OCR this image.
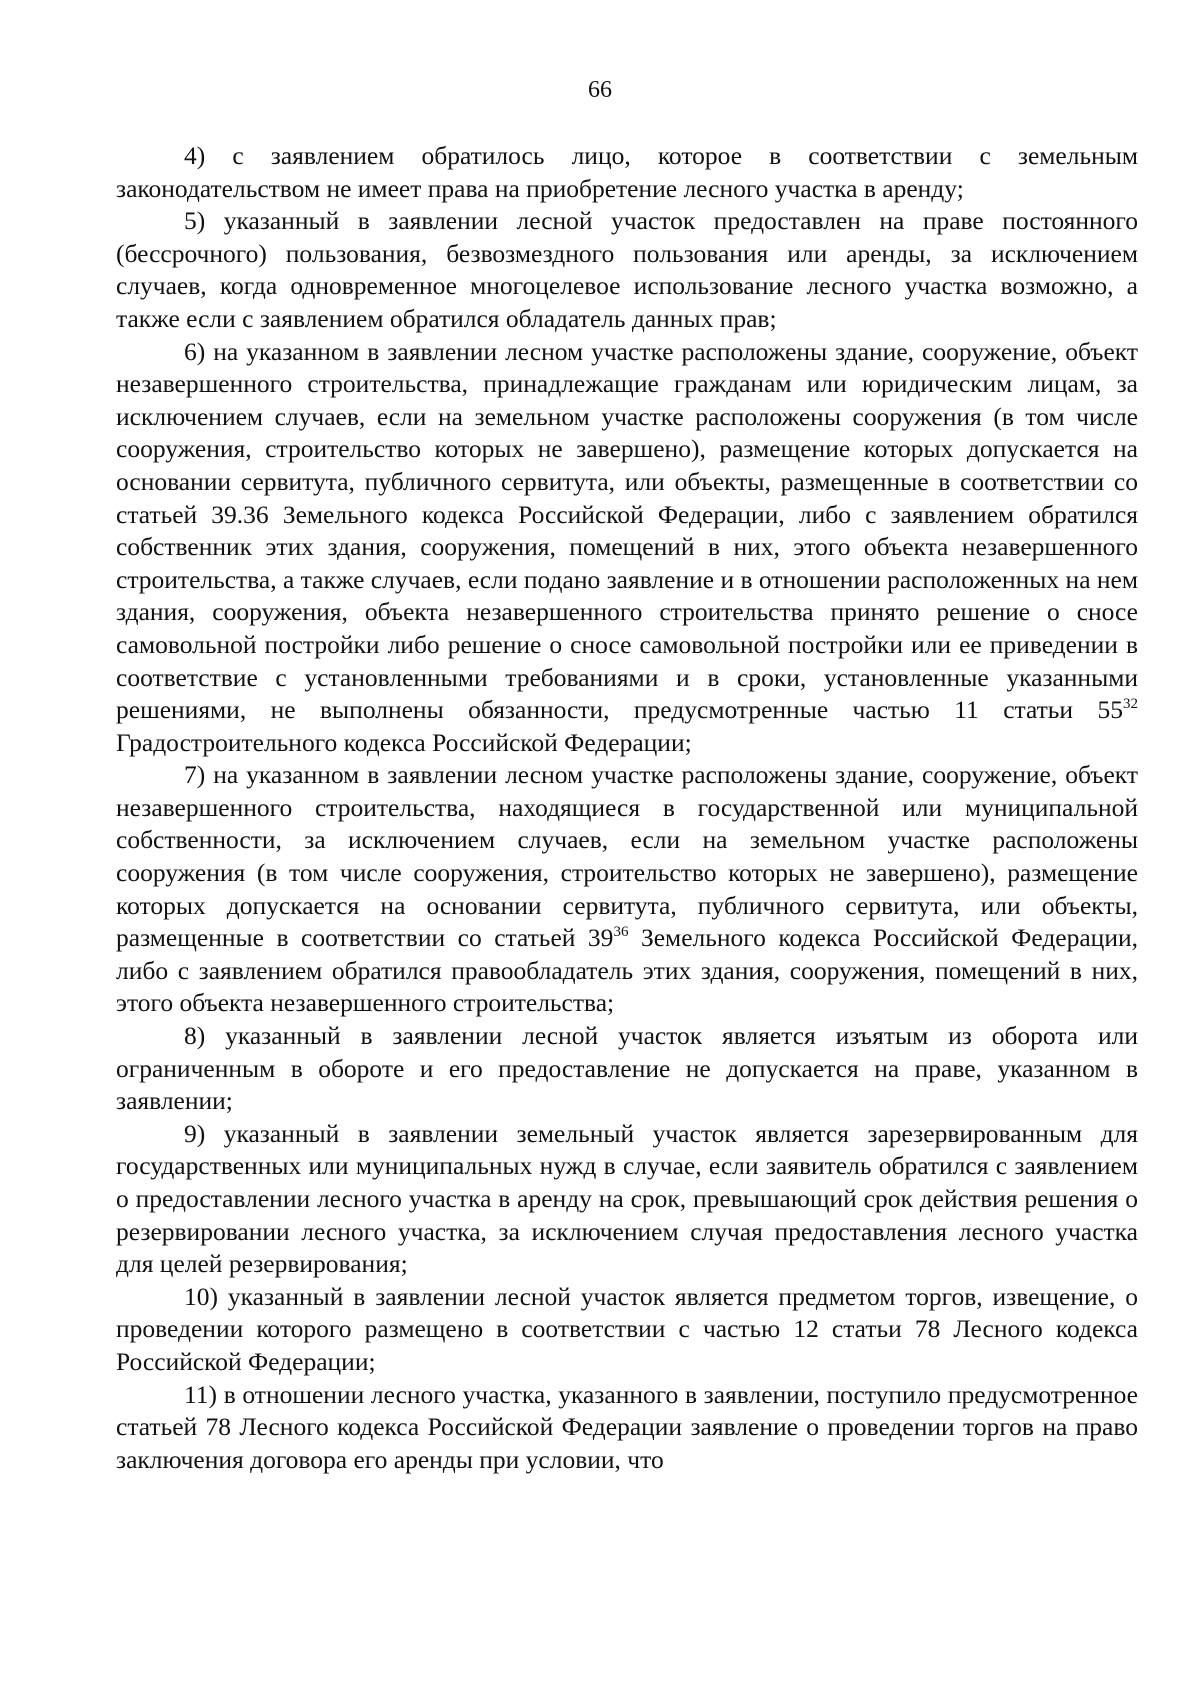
66

4) с заявлением обратилось лицо, которое в соответствии с земельным законодательством не имеет права на приобретение лесного участка в аренду;

5) указанный в заявлении лесной участок предоставлен на праве постоянного (бессрочного) пользования, безвозмездного пользования или аренды, за исключением случаев, когда одновременное многоцелевое использование лесного участка возможно, а также если с заявлением обратился обладатель данных прав;

6) на указанном в заявлении лесном участке расположены здание, сооружение, объект незавершенного строительства, принадлежащие гражданам или юридическим лицам, за исключением случаев, если на земельном участке расположены сооружения (в том числе сооружения, строительство которых не завершено), размещение которых допускается на основании сервитута, публичного сервитута, или объекты, размещенные в соответствии со статьей 39.36 Земельного кодекса Российской Федерации, либо с заявлением обратился собственник этих здания, сооружения, помещений в них, этого объекта незавершенного строительства, а также случаев, если подано заявление и в отношении расположенных на нем здания, сооружения, объекта незавершенного строительства принято решение о сносе самовольной постройки либо решение о сносе самовольной постройки или ее приведении в соответствие с установленными требованиями и в сроки, установленные указанными решениями, не выполнены обязанности, предусмотренные частью 11 статьи $55^{32}$ Градостроительного кодекса Российской Федерации;

7) на указанном в заявлении лесном участке расположены здание, сооружение, объект незавершенного строительства, находящиеся в государственной или муниципальной собственности, за исключением случаев, если на земельном участке расположены сооружения (в том числе сооружения, строительство которых не завершено), размещение которых допускается на основании сервитута, публичного сервитута, или объекты, размещенные в соответствии со статьей $39^{36}$ Земельного кодекса Российской Федерации, либо с заявлением обратился правообладатель этих здания, сооружения, помещений в них, этого объекта незавершенного строительства;

8) указанный в заявлении лесной участок является изъятым из оборота или ограниченным в обороте и его предоставление не допускается на праве, указанном в заявлении;

9) указанный в заявлении земельный участок является зарезервированным для государственных или муниципальных нужд в случае, если заявитель обратился с заявлением о предоставлении лесного участка в аренду на срок, превышающий срок действия решения о резервировании лесного участка, за исключением случая предоставления лесного участка для целей резервирования;

10) указанный в заявлении лесной участок является предметом торгов, извещение, о проведении которого размещено в соответствии с частью 12 статьи 78 Лесного кодекса Российской Федерации;

11) в отношении лесного участка, указанного в заявлении, поступило предусмотренное статьей 78 Лесного кодекса Российской Федерации заявление о проведении торгов на право заключения договора его аренды при условии, что
